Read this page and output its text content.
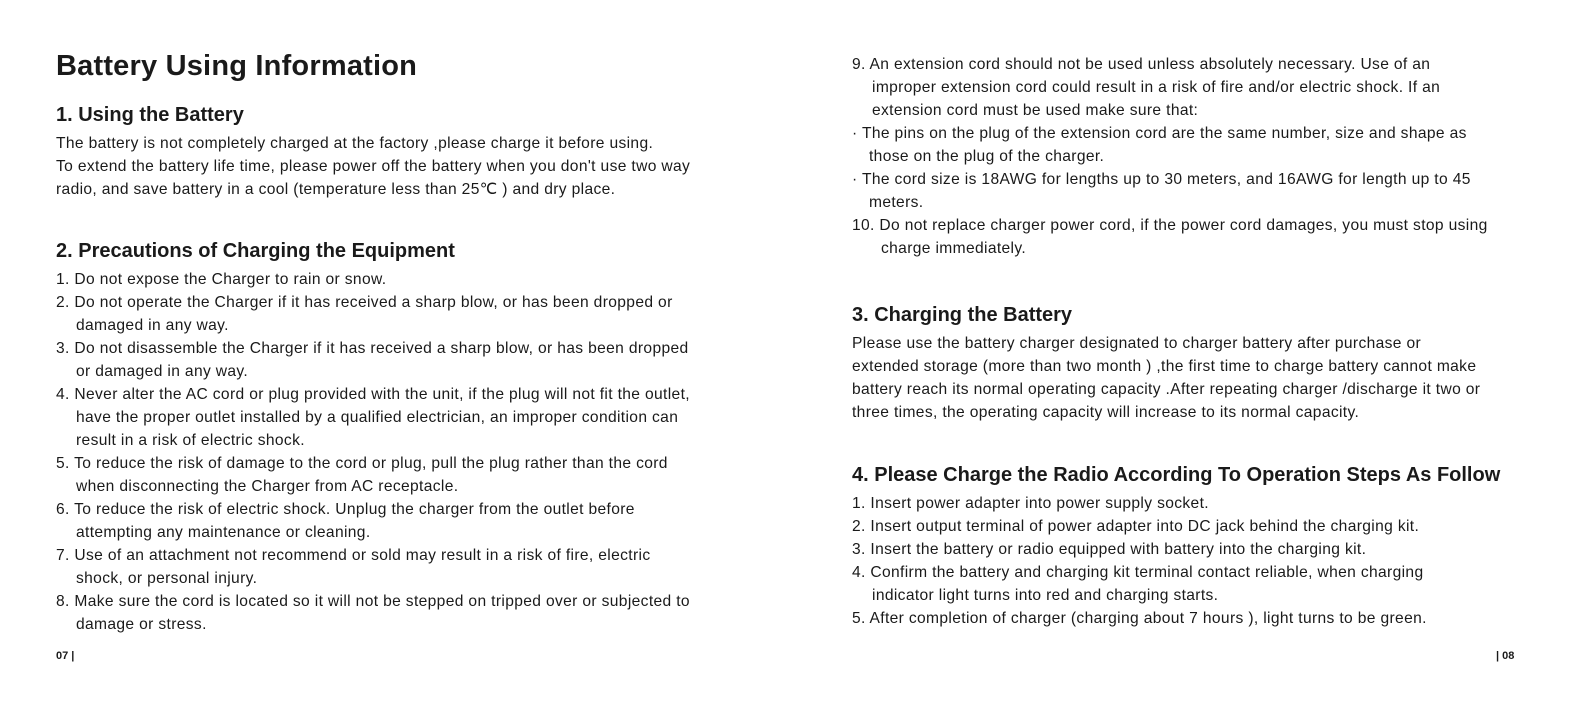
Battery Using Information
1. Using the Battery

The battery is not completely charged at the factory ,please charge it before using.

To extend the battery life time, please power off the battery when you don't use two way

radio, and save battery in a cool (temperature less than 25℃ ) and dry place.

2. Precautions of Charging the Equipment
1. Do not expose the Charger to rain or snow.
2. Do not operate the Charger if it has received a sharp blow, or has been dropped or
damaged in any way.
3. Do not disassemble the Charger if it has received a sharp blow, or has been dropped
or damaged in any way.
4. Never alter the AC cord or plug provided with the unit, if the plug will not fit the outlet,
have the proper outlet installed by a qualified electrician, an improper condition can
result in a risk of electric shock.
5. To reduce the risk of damage to the cord or plug, pull the plug rather than the cord
when disconnecting the Charger from AC receptacle.
6. To reduce the risk of electric shock. Unplug the charger from the outlet before
attempting any maintenance or cleaning.
7. Use of an attachment not recommend or sold may result in a risk of fire, electric
shock, or personal injury.
8. Make sure the cord is located so it will not be stepped on tripped over or subjected to
damage or stress.
07 |
9. An extension cord should not be used unless absolutely necessary. Use of an
improper extension cord could result in a risk of fire and/or electric shock. If an
extension cord must be used make sure that:
· The pins on the plug of the extension cord are the same number, size and shape as
those on the plug of the charger.
· The cord size is 18AWG for lengths up to 30 meters, and 16AWG for length up to 45
meters.
10. Do not replace charger power cord, if the power cord damages, you must stop using
charge immediately.
3. Charging the Battery

Please use the battery charger designated to charger battery after purchase or

extended storage (more than two month ) ,the first time to charge battery cannot make

battery reach its normal operating capacity .After repeating charger /discharge it two or

three times, the operating capacity will increase to its normal capacity.

4. Please Charge the Radio According To Operation Steps As Follow
1. Insert power adapter into power supply socket.
2. Insert output terminal of power adapter into DC jack behind the charging kit.
3. Insert the battery or radio equipped with battery into the charging kit.
4. Confirm the battery and charging kit terminal contact reliable, when charging
indicator light turns into red and charging starts.
5. After completion of charger (charging about 7 hours ), light turns to be green.
| 08
